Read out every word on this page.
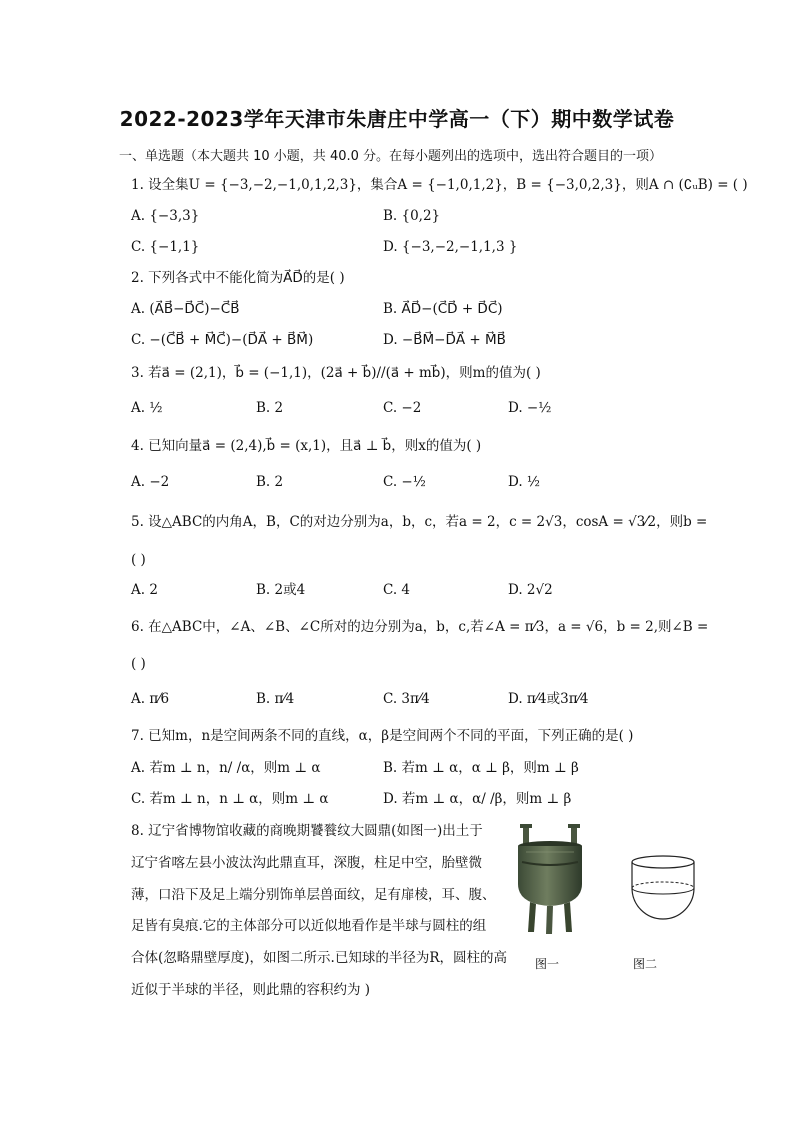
2022-2023学年天津市朱唐庄中学高一（下）期中数学试卷
一、单选题（本大题共 10 小题，共 40.0 分。在每小题列出的选项中，选出符合题目的一项）
1. 设全集U = {−3,−2,−1,0,1,2,3}，集合A = {−1,0,1,2}，B = {−3,0,2,3}，则A ∩ (∁ᵤB) = ( )
A. {−3,3}	B. {0,2}
C. {−1,1}	D. {−3,−2,−1,1,3 }
2. 下列各式中不能化简为A⃗D⃗的是( )
A. (A⃗B⃗−D⃗C⃗)−C⃗B⃗	B. A⃗D⃗−(C⃗D⃗ + D⃗C⃗)
C. −(C⃗B⃗ + M⃗C⃗)−(D⃗A⃗ + B⃗M⃗)	D. −B⃗M⃗−D⃗A⃗ + M⃗B⃗
3. 若a⃗ = (2,1)，b⃗ = (−1,1)，(2a⃗ + b⃗)//(a⃗ + mb⃗)，则m的值为( )
A. ½	B. 2	C. −2	D. −½
4. 已知向量a⃗ = (2,4),b⃗ = (x,1)，且a⃗ ⊥ b⃗，则x的值为( )
A. −2	B. 2	C. −½	D. ½
5. 设△ABC的内角A，B，C的对边分别为a，b，c，若a = 2，c = 2√3，cosA = √3⁄2，则b =
( )
A. 2	B. 2或4	C. 4	D. 2√2
6. 在△ABC中，∠A、∠B、∠C所对的边分别为a，b，c,若∠A = π⁄3，a = √6，b = 2,则∠B =
( )
A. π⁄6	B. π⁄4	C. 3π⁄4	D. π⁄4或3π⁄4
7. 已知m，n是空间两条不同的直线，α，β是空间两个不同的平面，下列正确的是( )
A. 若m ⊥ n，n/ /α，则m ⊥ α	B. 若m ⊥ α，α ⊥ β，则m ⊥ β
C. 若m ⊥ n，n ⊥ α，则m ⊥ α	D. 若m ⊥ α，α/ /β，则m ⊥ β
8. 辽宁省博物馆收藏的商晚期饕餮纹大圆鼎(如图一)出土于
辽宁省喀左县小波汰沟此鼎直耳，深腹，柱足中空，胎壁微
薄，口沿下及足上端分别饰单层兽面纹，足有扉棱，耳、腹、
足皆有臭痕.它的主体部分可以近似地看作是半球与圆柱的组
合体(忽略鼎壁厚度)，如图二所示.已知球的半径为R，圆柱的高
近似于半球的半径，则此鼎的容积约为 )
图一	图二
